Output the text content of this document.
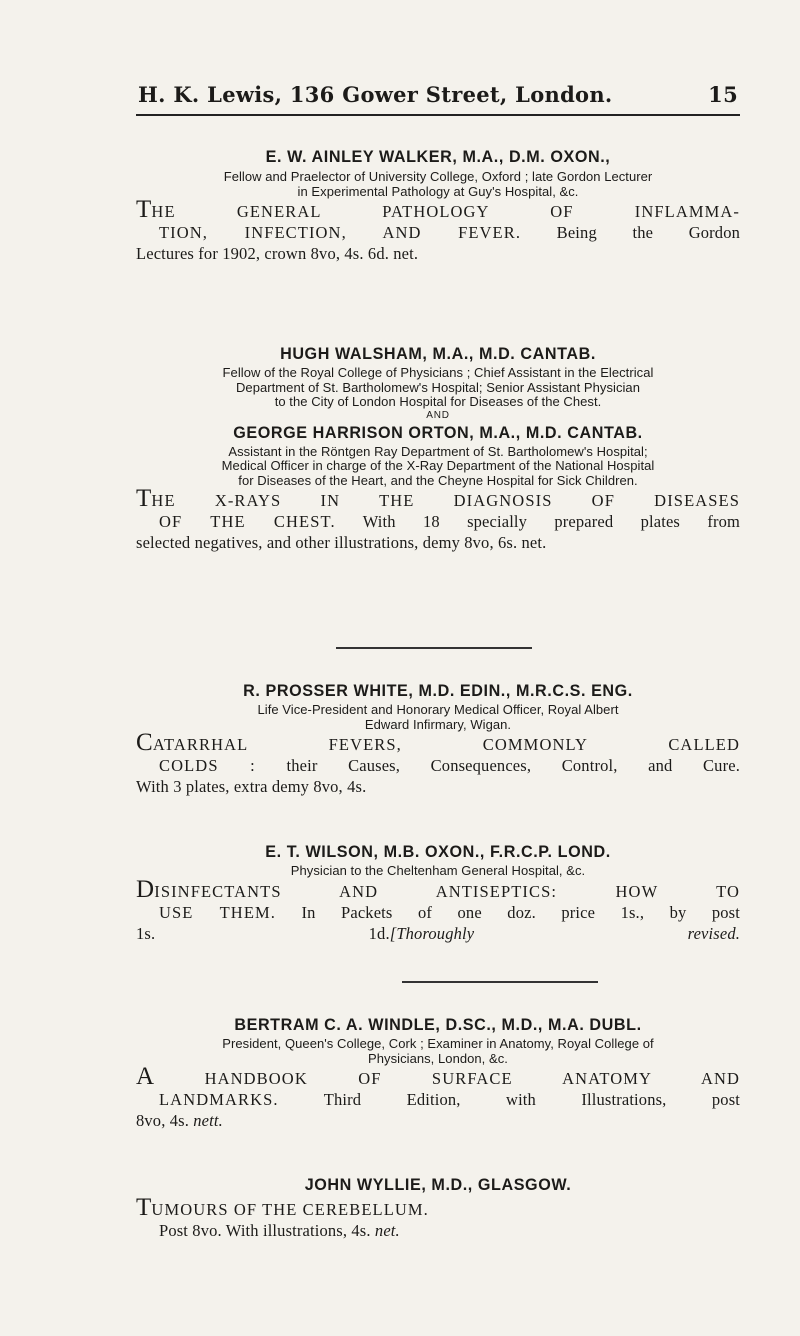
H. K. Lewis, 136 Gower Street, London.	15
E. W. AINLEY WALKER, M.A., D.M. OXON.,
Fellow and Praelector of University College, Oxford ; late Gordon Lecturer
in Experimental Pathology at Guy's Hospital, &c.
THE GENERAL PATHOLOGY OF INFLAMMA-
TION, INFECTION, AND FEVER. Being the Gordon
Lectures for 1902, crown 8vo, 4s. 6d. net.
HUGH WALSHAM, M.A., M.D. CANTAB.
Fellow of the Royal College of Physicians ; Chief Assistant in the Electrical
Department of St. Bartholomew's Hospital; Senior Assistant Physician
to the City of London Hospital for Diseases of the Chest.
AND
GEORGE HARRISON ORTON, M.A., M.D. CANTAB.
Assistant in the Röntgen Ray Department of St. Bartholomew's Hospital;
Medical Officer in charge of the X-Ray Department of the National Hospital
for Diseases of the Heart, and the Cheyne Hospital for Sick Children.
THE X-RAYS IN THE DIAGNOSIS OF DISEASES
OF THE CHEST. With 18 specially prepared plates from
selected negatives, and other illustrations, demy 8vo, 6s. net.
R. PROSSER WHITE, M.D. EDIN., M.R.C.S. ENG.
Life Vice-President and Honorary Medical Officer, Royal Albert
Edward Infirmary, Wigan.
CATARRHAL FEVERS, COMMONLY CALLED
COLDS : their Causes, Consequences, Control, and Cure.
With 3 plates, extra demy 8vo, 4s.
E. T. WILSON, M.B. OXON., F.R.C.P. LOND.
Physician to the Cheltenham General Hospital, &c.
DISINFECTANTS AND ANTISEPTICS: HOW TO
USE THEM. In Packets of one doz. price 1s., by post
1s. 1d.[Thoroughly revised.
BERTRAM C. A. WINDLE, D.SC., M.D., M.A. DUBL.
President, Queen's College, Cork ; Examiner in Anatomy, Royal College of
Physicians, London, &c.
A HANDBOOK OF SURFACE ANATOMY AND
LANDMARKS. Third Edition, with Illustrations, post
8vo, 4s. nett.
JOHN WYLLIE, M.D., GLASGOW.
TUMOURS OF THE CEREBELLUM.
Post 8vo. With illustrations, 4s. net.
